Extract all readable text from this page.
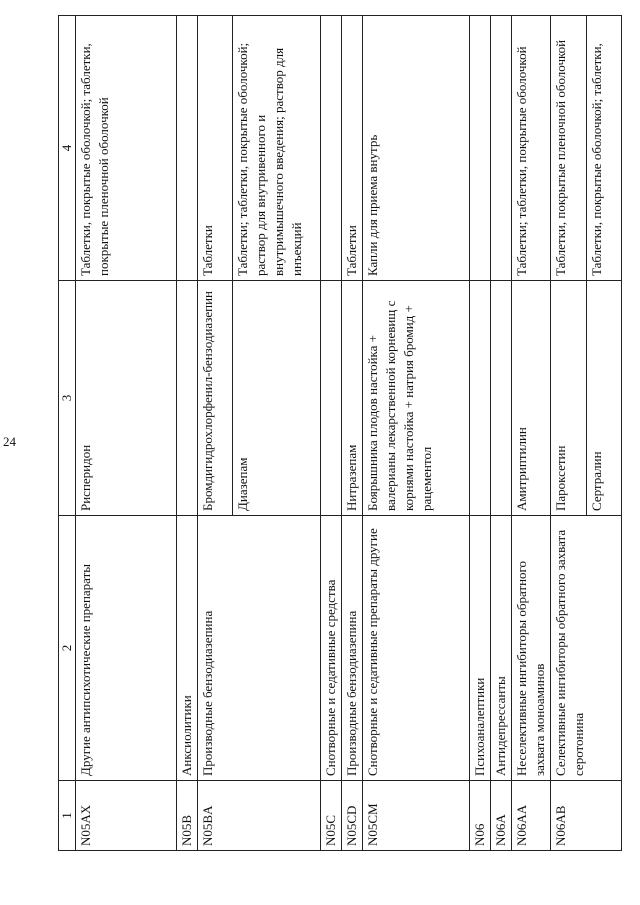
24
1	2	3	4
N05AX	Другие антипсихотические препараты	Рисперидон	Таблетки, покрытые оболочкой; таблетки, покрытые пленочной оболочкой
N05B	Анксиолитики		
N05BA	Производные бензодиазепина	Бромдигидрохлорфенил-бензодиазепин	Таблетки
		Диазепам	Таблетки; таблетки, покрытые оболочкой; раствор для внутривенного и внутримышечного введения; раствор для инъекций
N05C	Снотворные и седативные средства		
N05CD	Производные бензодиазепина	Нитразепам	Таблетки
N05CM	Снотворные и седативные препараты другие	Боярышника плодов настойка + валерианы лекарственной корневищ с корнями настойка + натрия бромид + рацементол	Капли для приема внутрь
N06	Психоаналептики		
N06A	Антидепрессанты		
N06AA	Неселективные ингибиторы обратного захвата моноаминов	Амитриптилин	Таблетки; таблетки, покрытые оболочкой
N06AB	Селективные ингибиторы обратного захвата серотонина	Пароксетин	Таблетки, покрытые пленочной оболочкой
		Сертралин	Таблетки, покрытые оболочкой; таблетки,
